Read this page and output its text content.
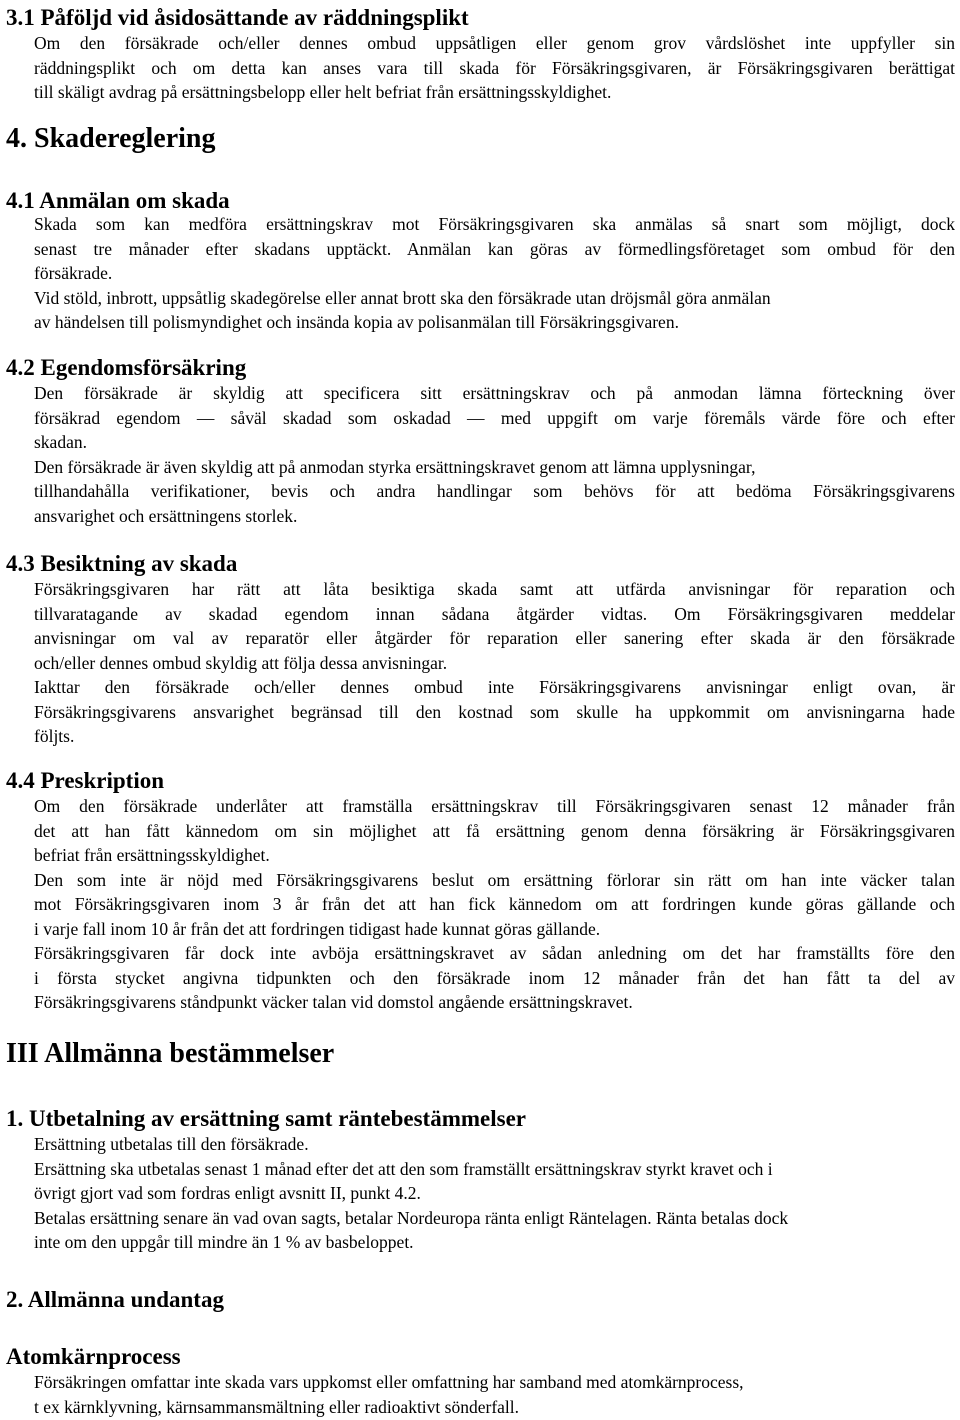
3.1 Påföljd vid åsidosättande av räddningsplikt
Om den försäkrade och/eller dennes ombud uppsåtligen eller genom grov vårdslöshet inte uppfyller sin
räddningsplikt och om detta kan anses vara till skada för Försäkringsgivaren, är Försäkringsgivaren berättigat
till skäligt avdrag på ersättningsbelopp eller helt befriat från ersättningsskyldighet.
4. Skadereglering
4.1 Anmälan om skada
Skada som kan medföra ersättningskrav mot Försäkringsgivaren ska anmälas så snart som möjligt, dock
senast tre månader efter skadans upptäckt. Anmälan kan göras av förmedlingsföretaget som ombud för den
försäkrade.
Vid stöld, inbrott, uppsåtlig skadegörelse eller annat brott ska den försäkrade utan dröjsmål göra anmälan
av händelsen till polismyndighet och insända kopia av polisanmälan till Försäkringsgivaren.
4.2 Egendomsförsäkring
Den försäkrade är skyldig att specificera sitt ersättningskrav och på anmodan lämna förteckning över
försäkrad egendom — såväl skadad som oskadad — med uppgift om varje föremåls värde före och efter
skadan.
Den försäkrade är även skyldig att på anmodan styrka ersättningskravet genom att lämna upplysningar,
tillhandahålla verifikationer, bevis och andra handlingar som behövs för att bedöma Försäkringsgivarens
ansvarighet och ersättningens storlek.
4.3 Besiktning av skada
Försäkringsgivaren har rätt att låta besiktiga skada samt att utfärda anvisningar för reparation och
tillvaratagande av skadad egendom innan sådana åtgärder vidtas. Om Försäkringsgivaren meddelar
anvisningar om val av reparatör eller åtgärder för reparation eller sanering efter skada är den försäkrade
och/eller dennes ombud skyldig att följa dessa anvisningar.
Iakttar den försäkrade och/eller dennes ombud inte Försäkringsgivarens anvisningar enligt ovan, är
Försäkringsgivarens ansvarighet begränsad till den kostnad som skulle ha uppkommit om anvisningarna hade
följts.
4.4 Preskription
Om den försäkrade underlåter att framställa ersättningskrav till Försäkringsgivaren senast 12 månader från
det att han fått kännedom om sin möjlighet att få ersättning genom denna försäkring är Försäkringsgivaren
befriat från ersättningsskyldighet.
Den som inte är nöjd med Försäkringsgivarens beslut om ersättning förlorar sin rätt om han inte väcker talan
mot Försäkringsgivaren inom 3 år från det att han fick kännedom om att fordringen kunde göras gällande och
i varje fall inom 10 år från det att fordringen tidigast hade kunnat göras gällande.
Försäkringsgivaren får dock inte avböja ersättningskravet av sådan anledning om det har framställts före den
i första stycket angivna tidpunkten och den försäkrade inom 12 månader från det han fått ta del av
Försäkringsgivarens ståndpunkt väcker talan vid domstol angående ersättningskravet.
III Allmänna bestämmelser
1. Utbetalning av ersättning samt räntebestämmelser
Ersättning utbetalas till den försäkrade.
Ersättning ska utbetalas senast 1 månad efter det att den som framställt ersättningskrav styrkt kravet och i
övrigt gjort vad som fordras enligt avsnitt II, punkt 4.2.
Betalas ersättning senare än vad ovan sagts, betalar Nordeuropa ränta enligt Räntelagen. Ränta betalas dock
inte om den uppgår till mindre än 1 % av basbeloppet.
2. Allmänna undantag
Atomkärnprocess
Försäkringen omfattar inte skada vars uppkomst eller omfattning har samband med atomkärnprocess,
t ex kärnklyvning, kärnsammansmältning eller radioaktivt sönderfall.
